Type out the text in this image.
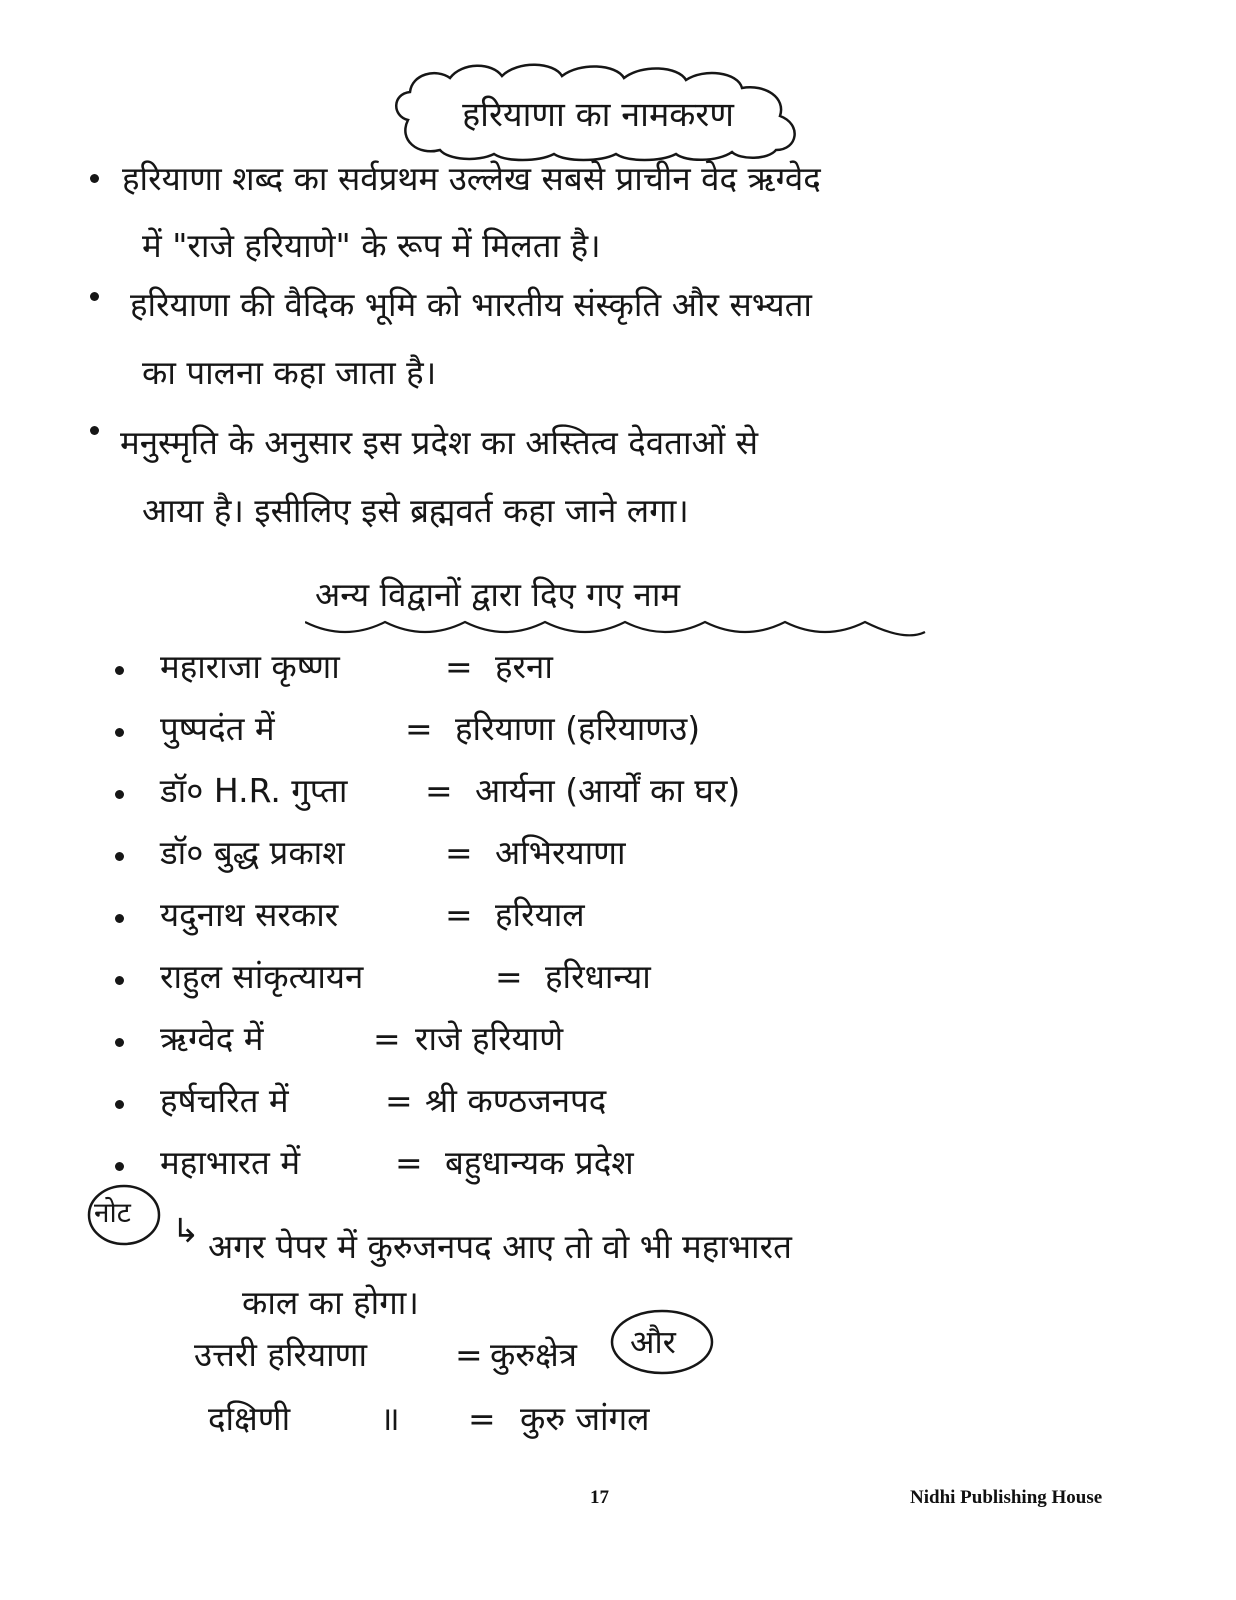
हरियाणा का नामकरण
हरियाणा शब्द का सर्वप्रथम उल्लेख सबसे प्राचीन वेद ऋग्वेद
में "राजे हरियाणे" के रूप में मिलता है।
हरियाणा की वैदिक भूमि को भारतीय संस्कृति और सभ्यता
का पालना कहा जाता है।
मनुस्मृति के अनुसार इस प्रदेश का अस्तित्व देवताओं से
आया है। इसीलिए इसे ब्रह्मवर्त कहा जाने लगा।
अन्य विद्वानों द्वारा दिए गए नाम
महाराजा कृष्णा	= हरना
पुष्पदंत में	= हरियाणा (हरियाणउ)
डॉ० H.R. गुप्ता = आर्यना (आर्यों का घर)
डॉ० बुद्ध प्रकाश	= अभिरयाणा
यदुनाथ सरकार	= हरियाल
राहुल सांकृत्यायन	= हरिधान्या
ऋग्वेद में	= राजे हरियाणे
हर्षचरित में	= श्री कण्ठजनपद
महाभारत में	= बहुधान्यक प्रदेश
नोट ↳ अगर पेपर में कुरुजनपद आए तो वो भी महाभारत
काल का होगा।
उत्तरी हरियाणा	= कुरुक्षेत्र और
दक्षिणी	॥ = कुरु जांगल
17	Nidhi Publishing House
